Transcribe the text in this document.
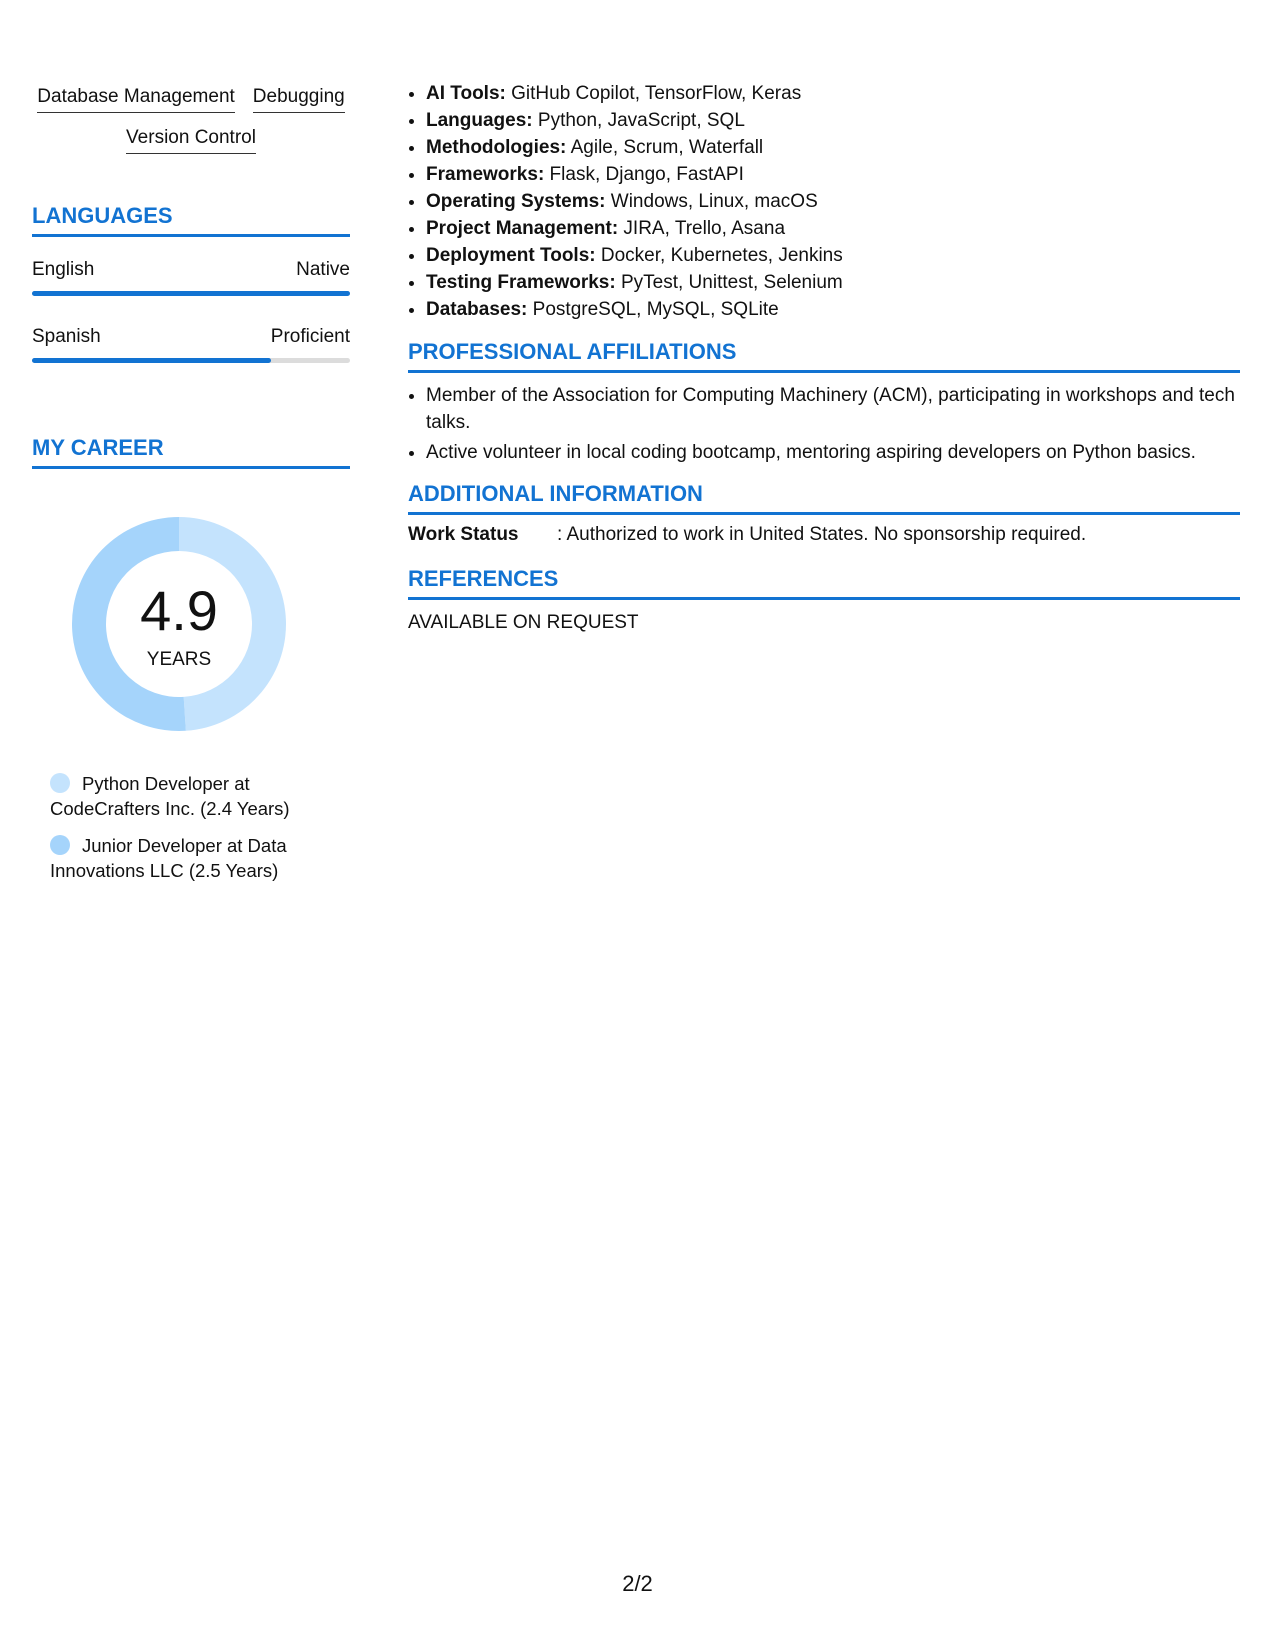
Database Management Debugging
Version Control
LANGUAGES
English	Native
Spanish	Proficient
MY CAREER
4.9
YEARS
Python Developer at CodeCrafters Inc. (2.4 Years)
Junior Developer at Data Innovations LLC (2.5 Years)
• AI Tools: GitHub Copilot, TensorFlow, Keras
• Languages: Python, JavaScript, SQL
• Methodologies: Agile, Scrum, Waterfall
• Frameworks: Flask, Django, FastAPI
• Operating Systems: Windows, Linux, macOS
• Project Management: JIRA, Trello, Asana
• Deployment Tools: Docker, Kubernetes, Jenkins
• Testing Frameworks: PyTest, Unittest, Selenium
• Databases: PostgreSQL, MySQL, SQLite
PROFESSIONAL AFFILIATIONS
• Member of the Association for Computing Machinery (ACM), participating in workshops and tech talks.
• Active volunteer in local coding bootcamp, mentoring aspiring developers on Python basics.
ADDITIONAL INFORMATION
Work Status	: Authorized to work in United States. No sponsorship required.
REFERENCES
AVAILABLE ON REQUEST
2/2
